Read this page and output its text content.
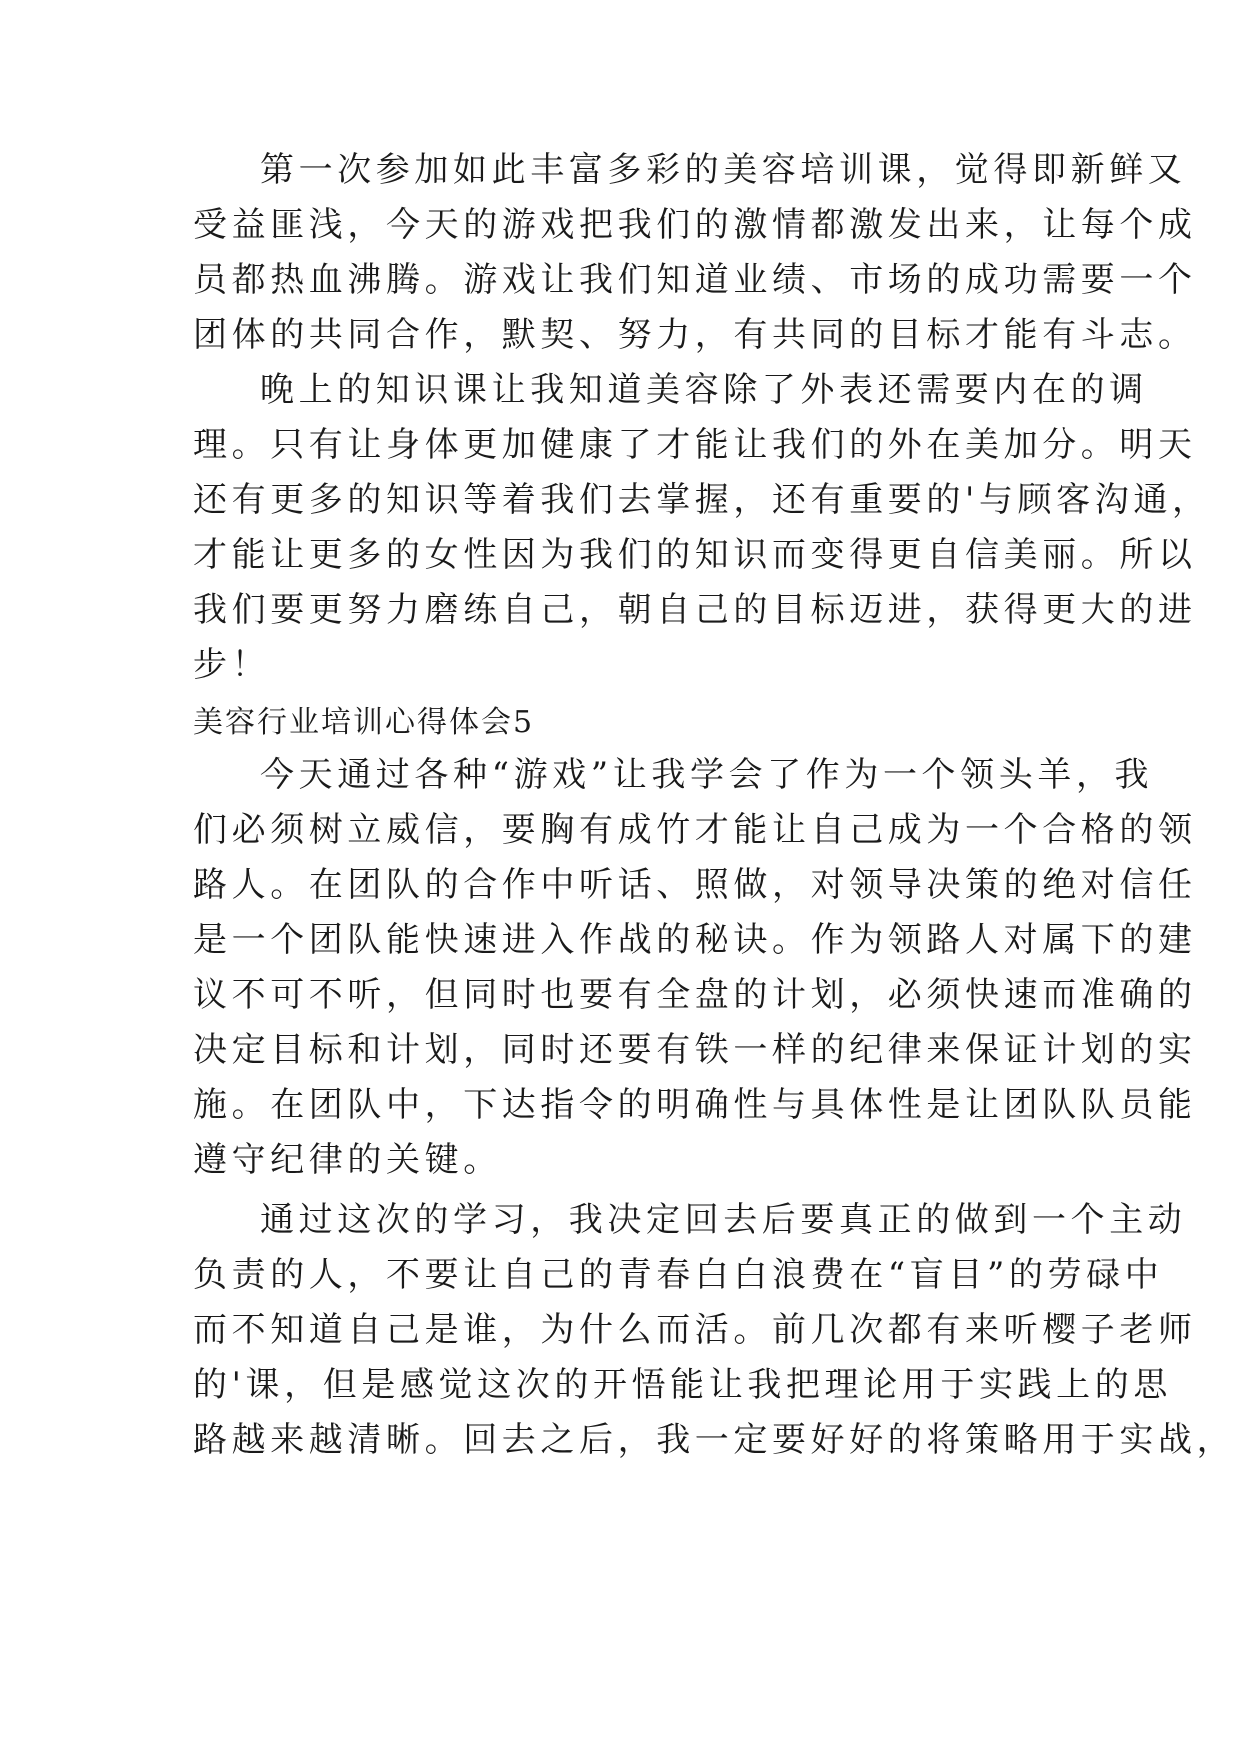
第一次参加如此丰富多彩的美容培训课，觉得即新鲜又
受益匪浅，今天的游戏把我们的激情都激发出来，让每个成
员都热血沸腾。游戏让我们知道业绩、市场的成功需要一个
团体的共同合作，默契、努力，有共同的目标才能有斗志。
晚上的知识课让我知道美容除了外表还需要内在的调
理。只有让身体更加健康了才能让我们的外在美加分。明天
还有更多的知识等着我们去掌握，还有重要的'与顾客沟通，
才能让更多的女性因为我们的知识而变得更自信美丽。所以
我们要更努力磨练自己，朝自己的目标迈进，获得更大的进
步！
美容行业培训心得体会5
今天通过各种“游戏”让我学会了作为一个领头羊，我
们必须树立威信，要胸有成竹才能让自己成为一个合格的领
路人。在团队的合作中听话、照做，对领导决策的绝对信任
是一个团队能快速进入作战的秘诀。作为领路人对属下的建
议不可不听，但同时也要有全盘的计划，必须快速而准确的
决定目标和计划，同时还要有铁一样的纪律来保证计划的实
施。在团队中，下达指令的明确性与具体性是让团队队员能
遵守纪律的关键。
通过这次的学习，我决定回去后要真正的做到一个主动
负责的人，不要让自己的青春白白浪费在“盲目”的劳碌中
而不知道自己是谁，为什么而活。前几次都有来听樱子老师
的'课，但是感觉这次的开悟能让我把理论用于实践上的思
路越来越清晰。回去之后，我一定要好好的将策略用于实战，
